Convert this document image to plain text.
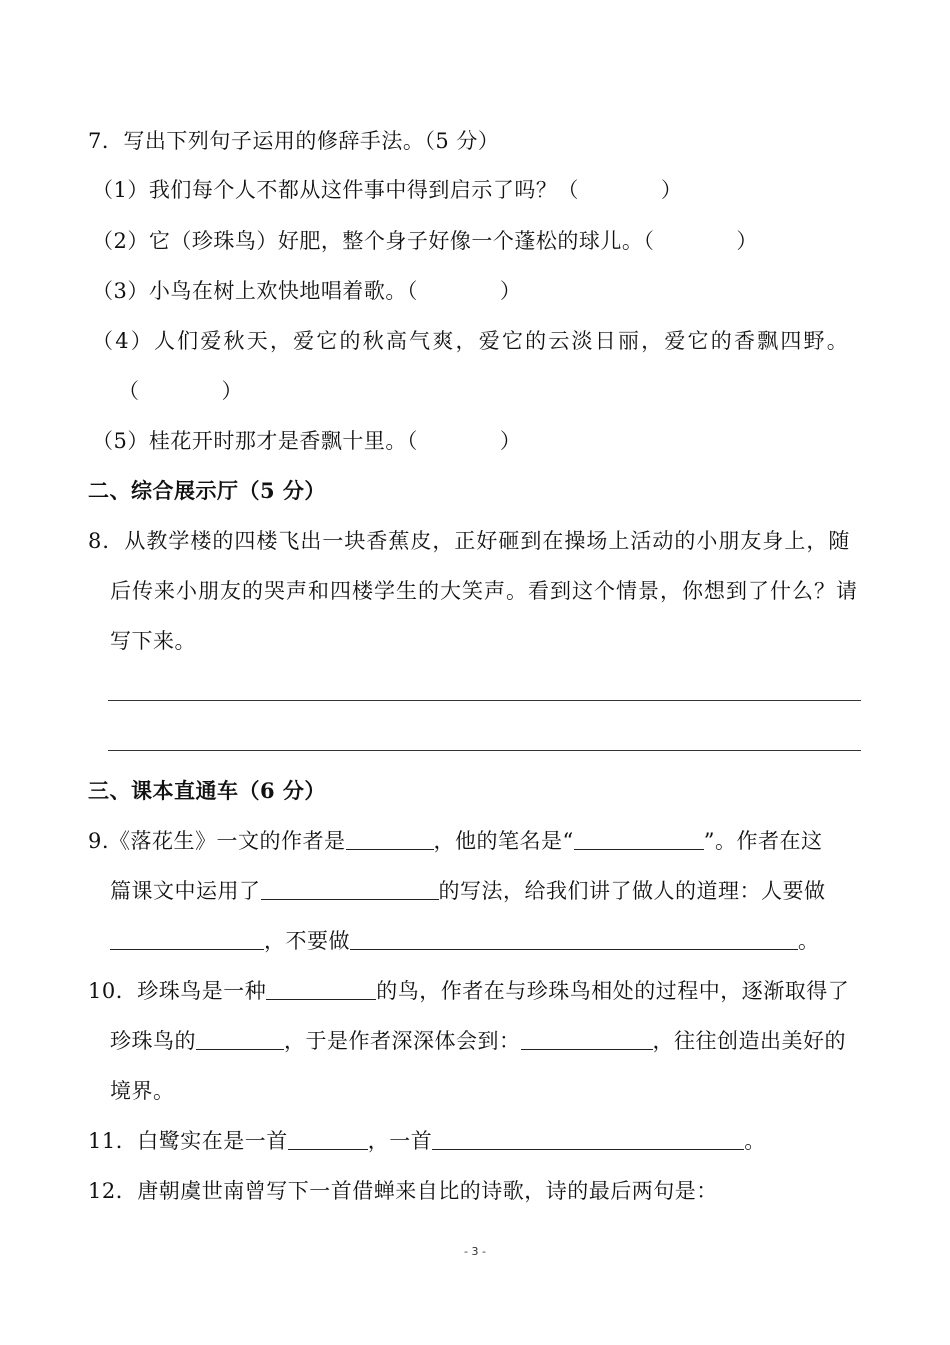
7．写出下列句子运用的修辞手法。（5 分）
（1）我们每个人不都从这件事中得到启示了吗？（	）
（2）它（珍珠鸟）好肥，整个身子好像一个蓬松的球儿。（	）
（3）小鸟在树上欢快地唱着歌。（	）
（4）人们爱秋天，爱它的秋高气爽，爱它的云淡日丽，爱它的香飘四野。
（	）
（5）桂花开时那才是香飘十里。（	）
二、综合展示厅（5 分）
8．从教学楼的四楼飞出一块香蕉皮，正好砸到在操场上活动的小朋友身上，随
后传来小朋友的哭声和四楼学生的大笑声。看到这个情景，你想到了什么？请
写下来。
三、课本直通车（6 分）
9.《落花生》一文的作者是	，他的笔名是“	”。作者在这
篇课文中运用了	的写法，给我们讲了做人的道理：人要做
，不要做	。
10．珍珠鸟是一种	的鸟，作者在与珍珠鸟相处的过程中，逐渐取得了
珍珠鸟的	，于是作者深深体会到：	，往往创造出美好的
境界。
11．白鹭实在是一首	，一首	。
12．唐朝虞世南曾写下一首借蝉来自比的诗歌，诗的最后两句是：
- 3 -
